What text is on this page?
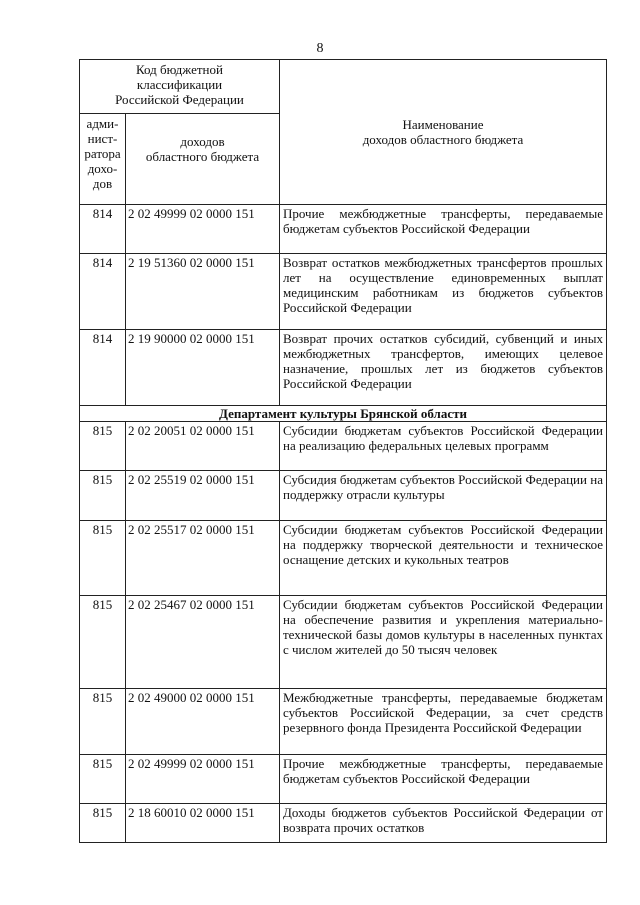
8
Код бюджетной
классификации
Российской Федерации		Наименование
доходов областного бюджета
адми-
нист-
ратора
дохо-
дов	доходов
областного бюджета	
814	2 02 49999 02 0000 151	Прочие межбюджетные трансферты, передаваемые бюджетам субъектов Российской Федерации
814	2 19 51360 02 0000 151	Возврат остатков межбюджетных трансфертов прошлых лет на осуществление единовременных выплат медицинским работникам из бюджетов субъектов Российской Федерации
814	2 19 90000 02 0000 151	Возврат прочих остатков субсидий, субвенций и иных межбюджетных трансфертов, имеющих целевое назначение, прошлых лет из бюджетов субъектов Российской Федерации
Департамент культуры Брянской области		
815	2 02 20051 02 0000 151	Субсидии бюджетам субъектов Российской Федерации на реализацию федеральных целевых программ
815	2 02 25519 02 0000 151	Субсидия бюджетам субъектов Российской Федерации на поддержку отрасли культуры
815	2 02 25517 02 0000 151	Субсидии бюджетам субъектов Российской Федерации на поддержку творческой деятельности и техническое оснащение детских и кукольных театров
815	2 02 25467 02 0000 151	Субсидии бюджетам субъектов Российской Федерации на обеспечение развития и укрепления материально-технической базы домов культуры в населенных пунктах с числом жителей до 50 тысяч человек
815	2 02 49000 02 0000 151	Межбюджетные трансферты, передаваемые бюджетам субъектов Российской Федерации, за счет средств резервного фонда Президента Российской Федерации
815	2 02 49999 02 0000 151	Прочие межбюджетные трансферты, передаваемые бюджетам субъектов Российской Федерации
815	2 18 60010 02 0000 151	Доходы бюджетов субъектов Российской Федерации от возврата прочих остатков
